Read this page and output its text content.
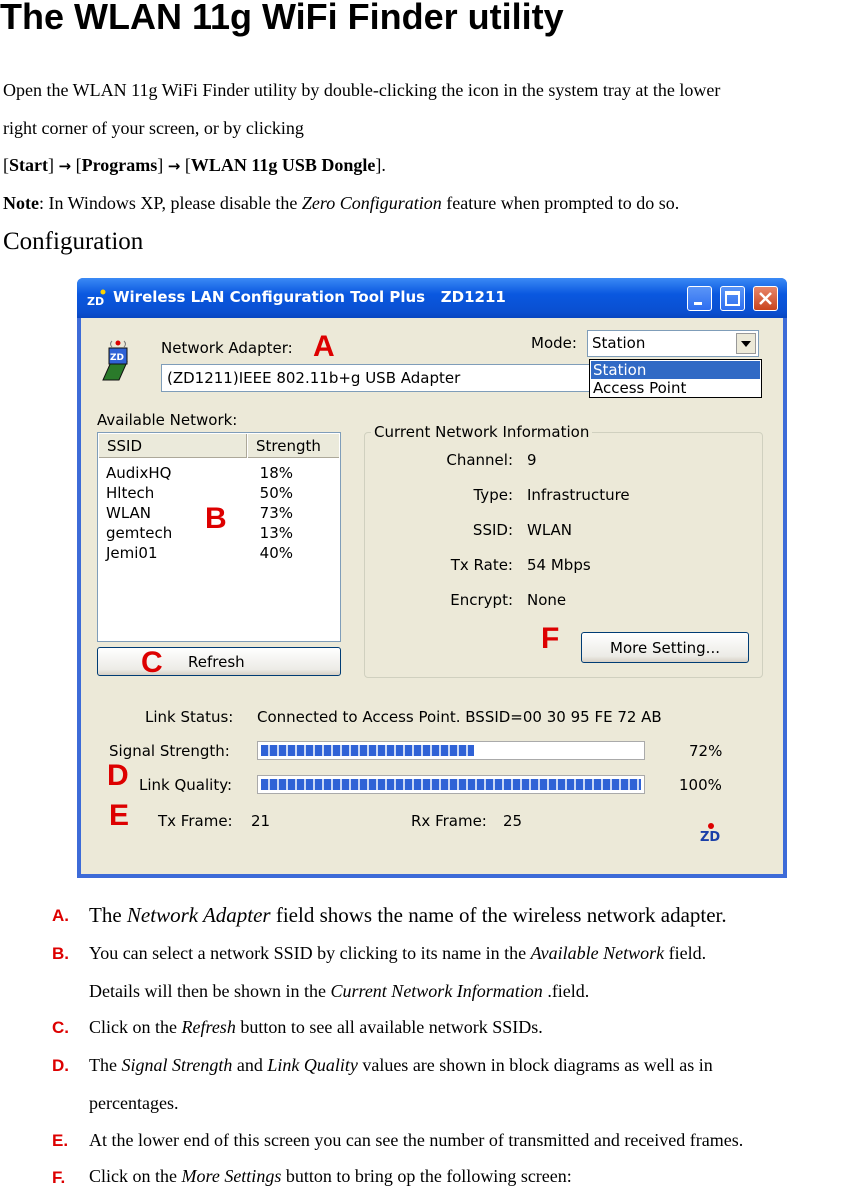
The WLAN 11g WiFi Finder utility
Open the WLAN 11g WiFi Finder utility by double-clicking the icon in the system tray at the lower
right corner of your screen, or by clicking
[Start] → [Programs] → [WLAN 11g USB Dongle].
Note: In Windows XP, please disable the Zero Configuration feature when prompted to do so.
Configuration
ZD Wireless LAN Configuration Tool Plus   ZD1211
ZD
Network Adapter:
(ZD1211)IEEE 802.11b+g USB Adapter
Mode: Station
Station
Access Point
Available Network:
SSID	Strength
AudixHQ	18%
Hltech	50%
WLAN	73%
gemtech	13%
Jemi01	40%
Refresh
Current Network Information
Channel: 9
Type: Infrastructure
SSID: WLAN
Tx Rate: 54 Mbps
Encrypt: None
More Setting...
Link Status: Connected to Access Point. BSSID=00 30 95 FE 72 AB
Signal Strength:	72%
Link Quality:	100%
Tx Frame: 21	Rx Frame: 25
ZD
A
B
C
D
E
F
A. The Network Adapter field shows the name of the wireless network adapter.
B. You can select a network SSID by clicking to its name in the Available Network field.
Details will then be shown in the Current Network Information .field.
C. Click on the Refresh button to see all available network SSIDs.
D. The Signal Strength and Link Quality values are shown in block diagrams as well as in
percentages.
E. At the lower end of this screen you can see the number of transmitted and received frames.
F. Click on the More Settings button to bring op the following screen:
